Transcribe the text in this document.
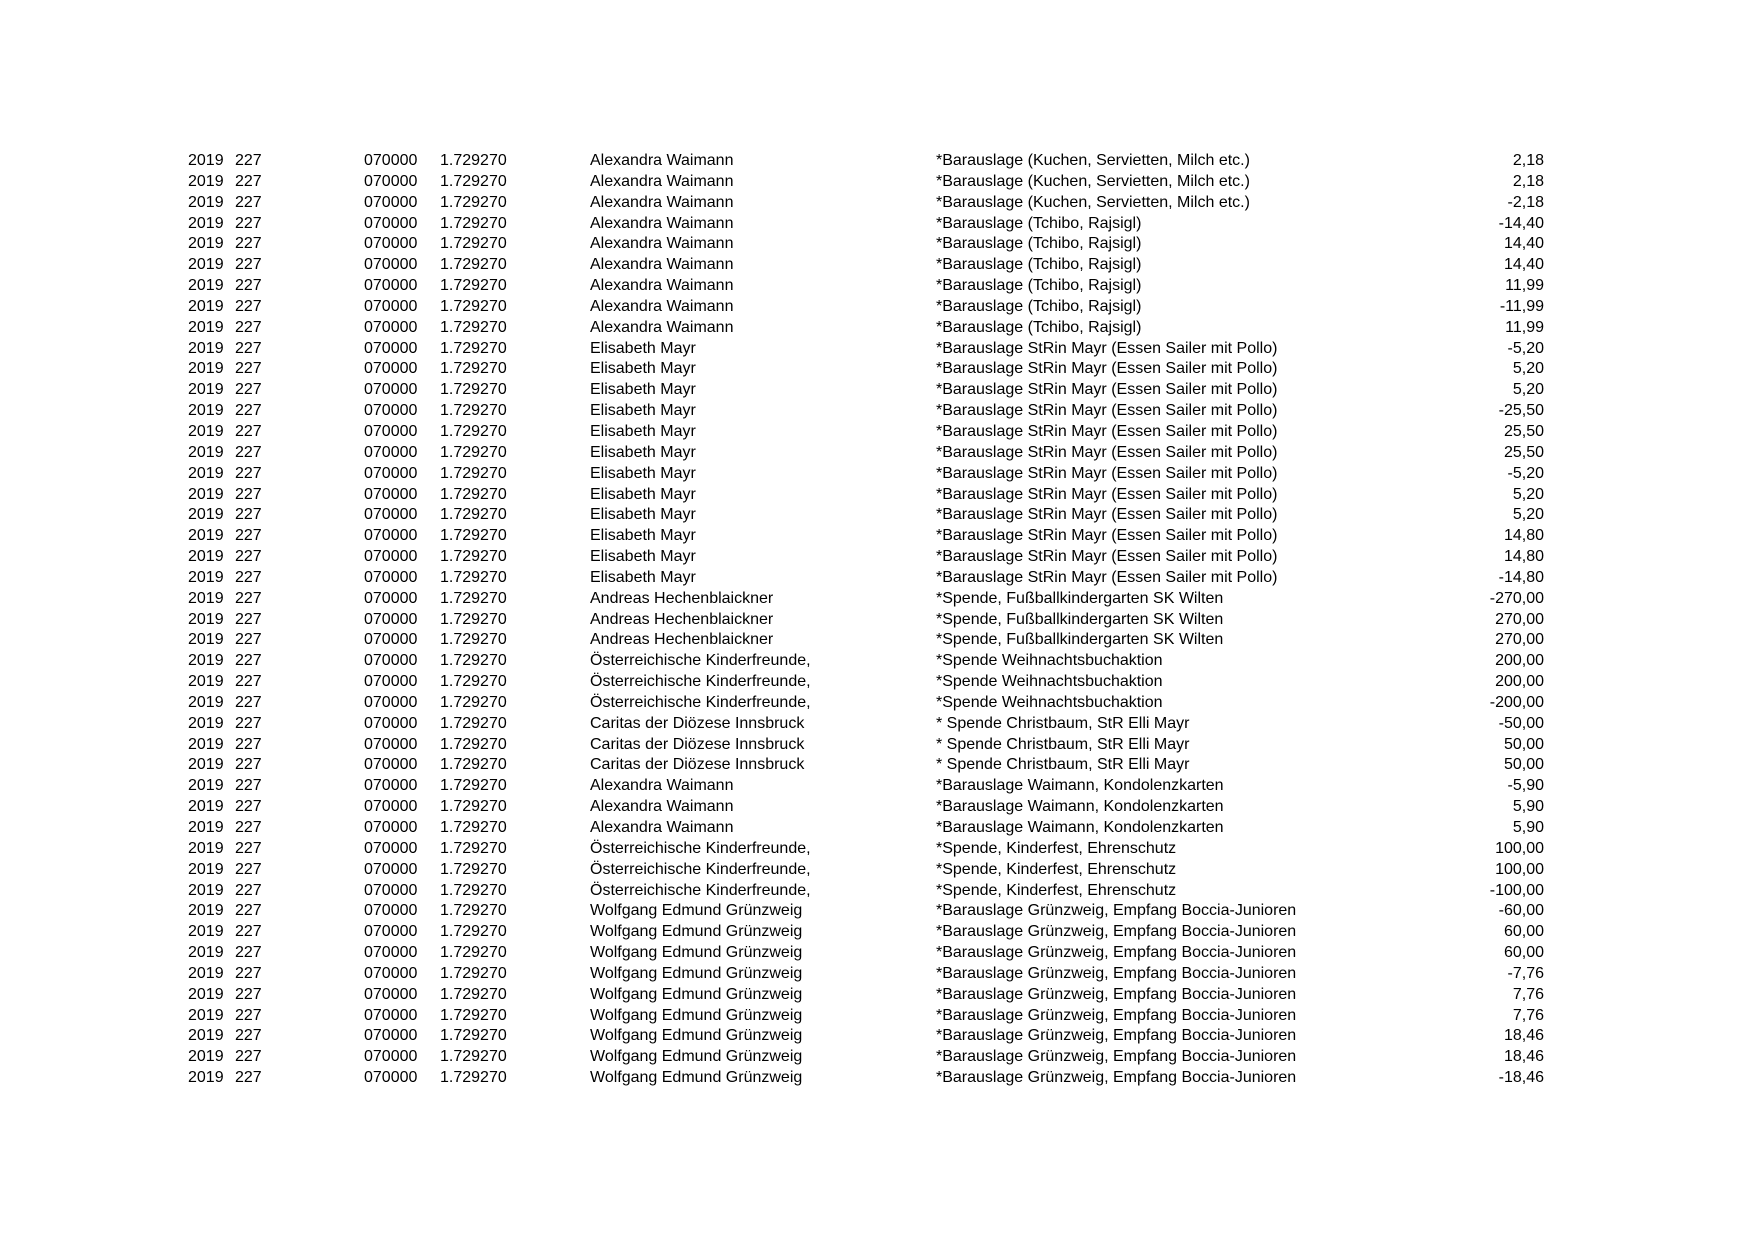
2019 227	070000 1.729270	Alexandra Waimann	*Barauslage (Kuchen, Servietten, Milch etc.)	2,18
2019 227	070000 1.729270	Alexandra Waimann	*Barauslage (Kuchen, Servietten, Milch etc.)	2,18
2019 227	070000 1.729270	Alexandra Waimann	*Barauslage (Kuchen, Servietten, Milch etc.)	-2,18
2019 227	070000 1.729270	Alexandra Waimann	*Barauslage (Tchibo, Rajsigl)	-14,40
2019 227	070000 1.729270	Alexandra Waimann	*Barauslage (Tchibo, Rajsigl)	14,40
2019 227	070000 1.729270	Alexandra Waimann	*Barauslage (Tchibo, Rajsigl)	14,40
2019 227	070000 1.729270	Alexandra Waimann	*Barauslage (Tchibo, Rajsigl)	11,99
2019 227	070000 1.729270	Alexandra Waimann	*Barauslage (Tchibo, Rajsigl)	-11,99
2019 227	070000 1.729270	Alexandra Waimann	*Barauslage (Tchibo, Rajsigl)	11,99
2019 227	070000 1.729270	Elisabeth Mayr	*Barauslage StRin Mayr (Essen Sailer mit Pollo)	-5,20
2019 227	070000 1.729270	Elisabeth Mayr	*Barauslage StRin Mayr (Essen Sailer mit Pollo)	5,20
2019 227	070000 1.729270	Elisabeth Mayr	*Barauslage StRin Mayr (Essen Sailer mit Pollo)	5,20
2019 227	070000 1.729270	Elisabeth Mayr	*Barauslage StRin Mayr (Essen Sailer mit Pollo)	-25,50
2019 227	070000 1.729270	Elisabeth Mayr	*Barauslage StRin Mayr (Essen Sailer mit Pollo)	25,50
2019 227	070000 1.729270	Elisabeth Mayr	*Barauslage StRin Mayr (Essen Sailer mit Pollo)	25,50
2019 227	070000 1.729270	Elisabeth Mayr	*Barauslage StRin Mayr (Essen Sailer mit Pollo)	-5,20
2019 227	070000 1.729270	Elisabeth Mayr	*Barauslage StRin Mayr (Essen Sailer mit Pollo)	5,20
2019 227	070000 1.729270	Elisabeth Mayr	*Barauslage StRin Mayr (Essen Sailer mit Pollo)	5,20
2019 227	070000 1.729270	Elisabeth Mayr	*Barauslage StRin Mayr (Essen Sailer mit Pollo)	14,80
2019 227	070000 1.729270	Elisabeth Mayr	*Barauslage StRin Mayr (Essen Sailer mit Pollo)	14,80
2019 227	070000 1.729270	Elisabeth Mayr	*Barauslage StRin Mayr (Essen Sailer mit Pollo)	-14,80
2019 227	070000 1.729270	Andreas Hechenblaickner	*Spende, Fußballkindergarten SK Wilten	-270,00
2019 227	070000 1.729270	Andreas Hechenblaickner	*Spende, Fußballkindergarten SK Wilten	270,00
2019 227	070000 1.729270	Andreas Hechenblaickner	*Spende, Fußballkindergarten SK Wilten	270,00
2019 227	070000 1.729270	Österreichische Kinderfreunde,	*Spende Weihnachtsbuchaktion	200,00
2019 227	070000 1.729270	Österreichische Kinderfreunde,	*Spende Weihnachtsbuchaktion	200,00
2019 227	070000 1.729270	Österreichische Kinderfreunde,	*Spende Weihnachtsbuchaktion	-200,00
2019 227	070000 1.729270	Caritas der Diözese Innsbruck	* Spende Christbaum, StR Elli Mayr	-50,00
2019 227	070000 1.729270	Caritas der Diözese Innsbruck	* Spende Christbaum, StR Elli Mayr	50,00
2019 227	070000 1.729270	Caritas der Diözese Innsbruck	* Spende Christbaum, StR Elli Mayr	50,00
2019 227	070000 1.729270	Alexandra Waimann	*Barauslage Waimann, Kondolenzkarten	-5,90
2019 227	070000 1.729270	Alexandra Waimann	*Barauslage Waimann, Kondolenzkarten	5,90
2019 227	070000 1.729270	Alexandra Waimann	*Barauslage Waimann, Kondolenzkarten	5,90
2019 227	070000 1.729270	Österreichische Kinderfreunde,	*Spende, Kinderfest, Ehrenschutz	100,00
2019 227	070000 1.729270	Österreichische Kinderfreunde,	*Spende, Kinderfest, Ehrenschutz	100,00
2019 227	070000 1.729270	Österreichische Kinderfreunde,	*Spende, Kinderfest, Ehrenschutz	-100,00
2019 227	070000 1.729270	Wolfgang Edmund Grünzweig	*Barauslage Grünzweig, Empfang Boccia-Junioren	-60,00
2019 227	070000 1.729270	Wolfgang Edmund Grünzweig	*Barauslage Grünzweig, Empfang Boccia-Junioren	60,00
2019 227	070000 1.729270	Wolfgang Edmund Grünzweig	*Barauslage Grünzweig, Empfang Boccia-Junioren	60,00
2019 227	070000 1.729270	Wolfgang Edmund Grünzweig	*Barauslage Grünzweig, Empfang Boccia-Junioren	-7,76
2019 227	070000 1.729270	Wolfgang Edmund Grünzweig	*Barauslage Grünzweig, Empfang Boccia-Junioren	7,76
2019 227	070000 1.729270	Wolfgang Edmund Grünzweig	*Barauslage Grünzweig, Empfang Boccia-Junioren	7,76
2019 227	070000 1.729270	Wolfgang Edmund Grünzweig	*Barauslage Grünzweig, Empfang Boccia-Junioren	18,46
2019 227	070000 1.729270	Wolfgang Edmund Grünzweig	*Barauslage Grünzweig, Empfang Boccia-Junioren	18,46
2019 227	070000 1.729270	Wolfgang Edmund Grünzweig	*Barauslage Grünzweig, Empfang Boccia-Junioren	-18,46
